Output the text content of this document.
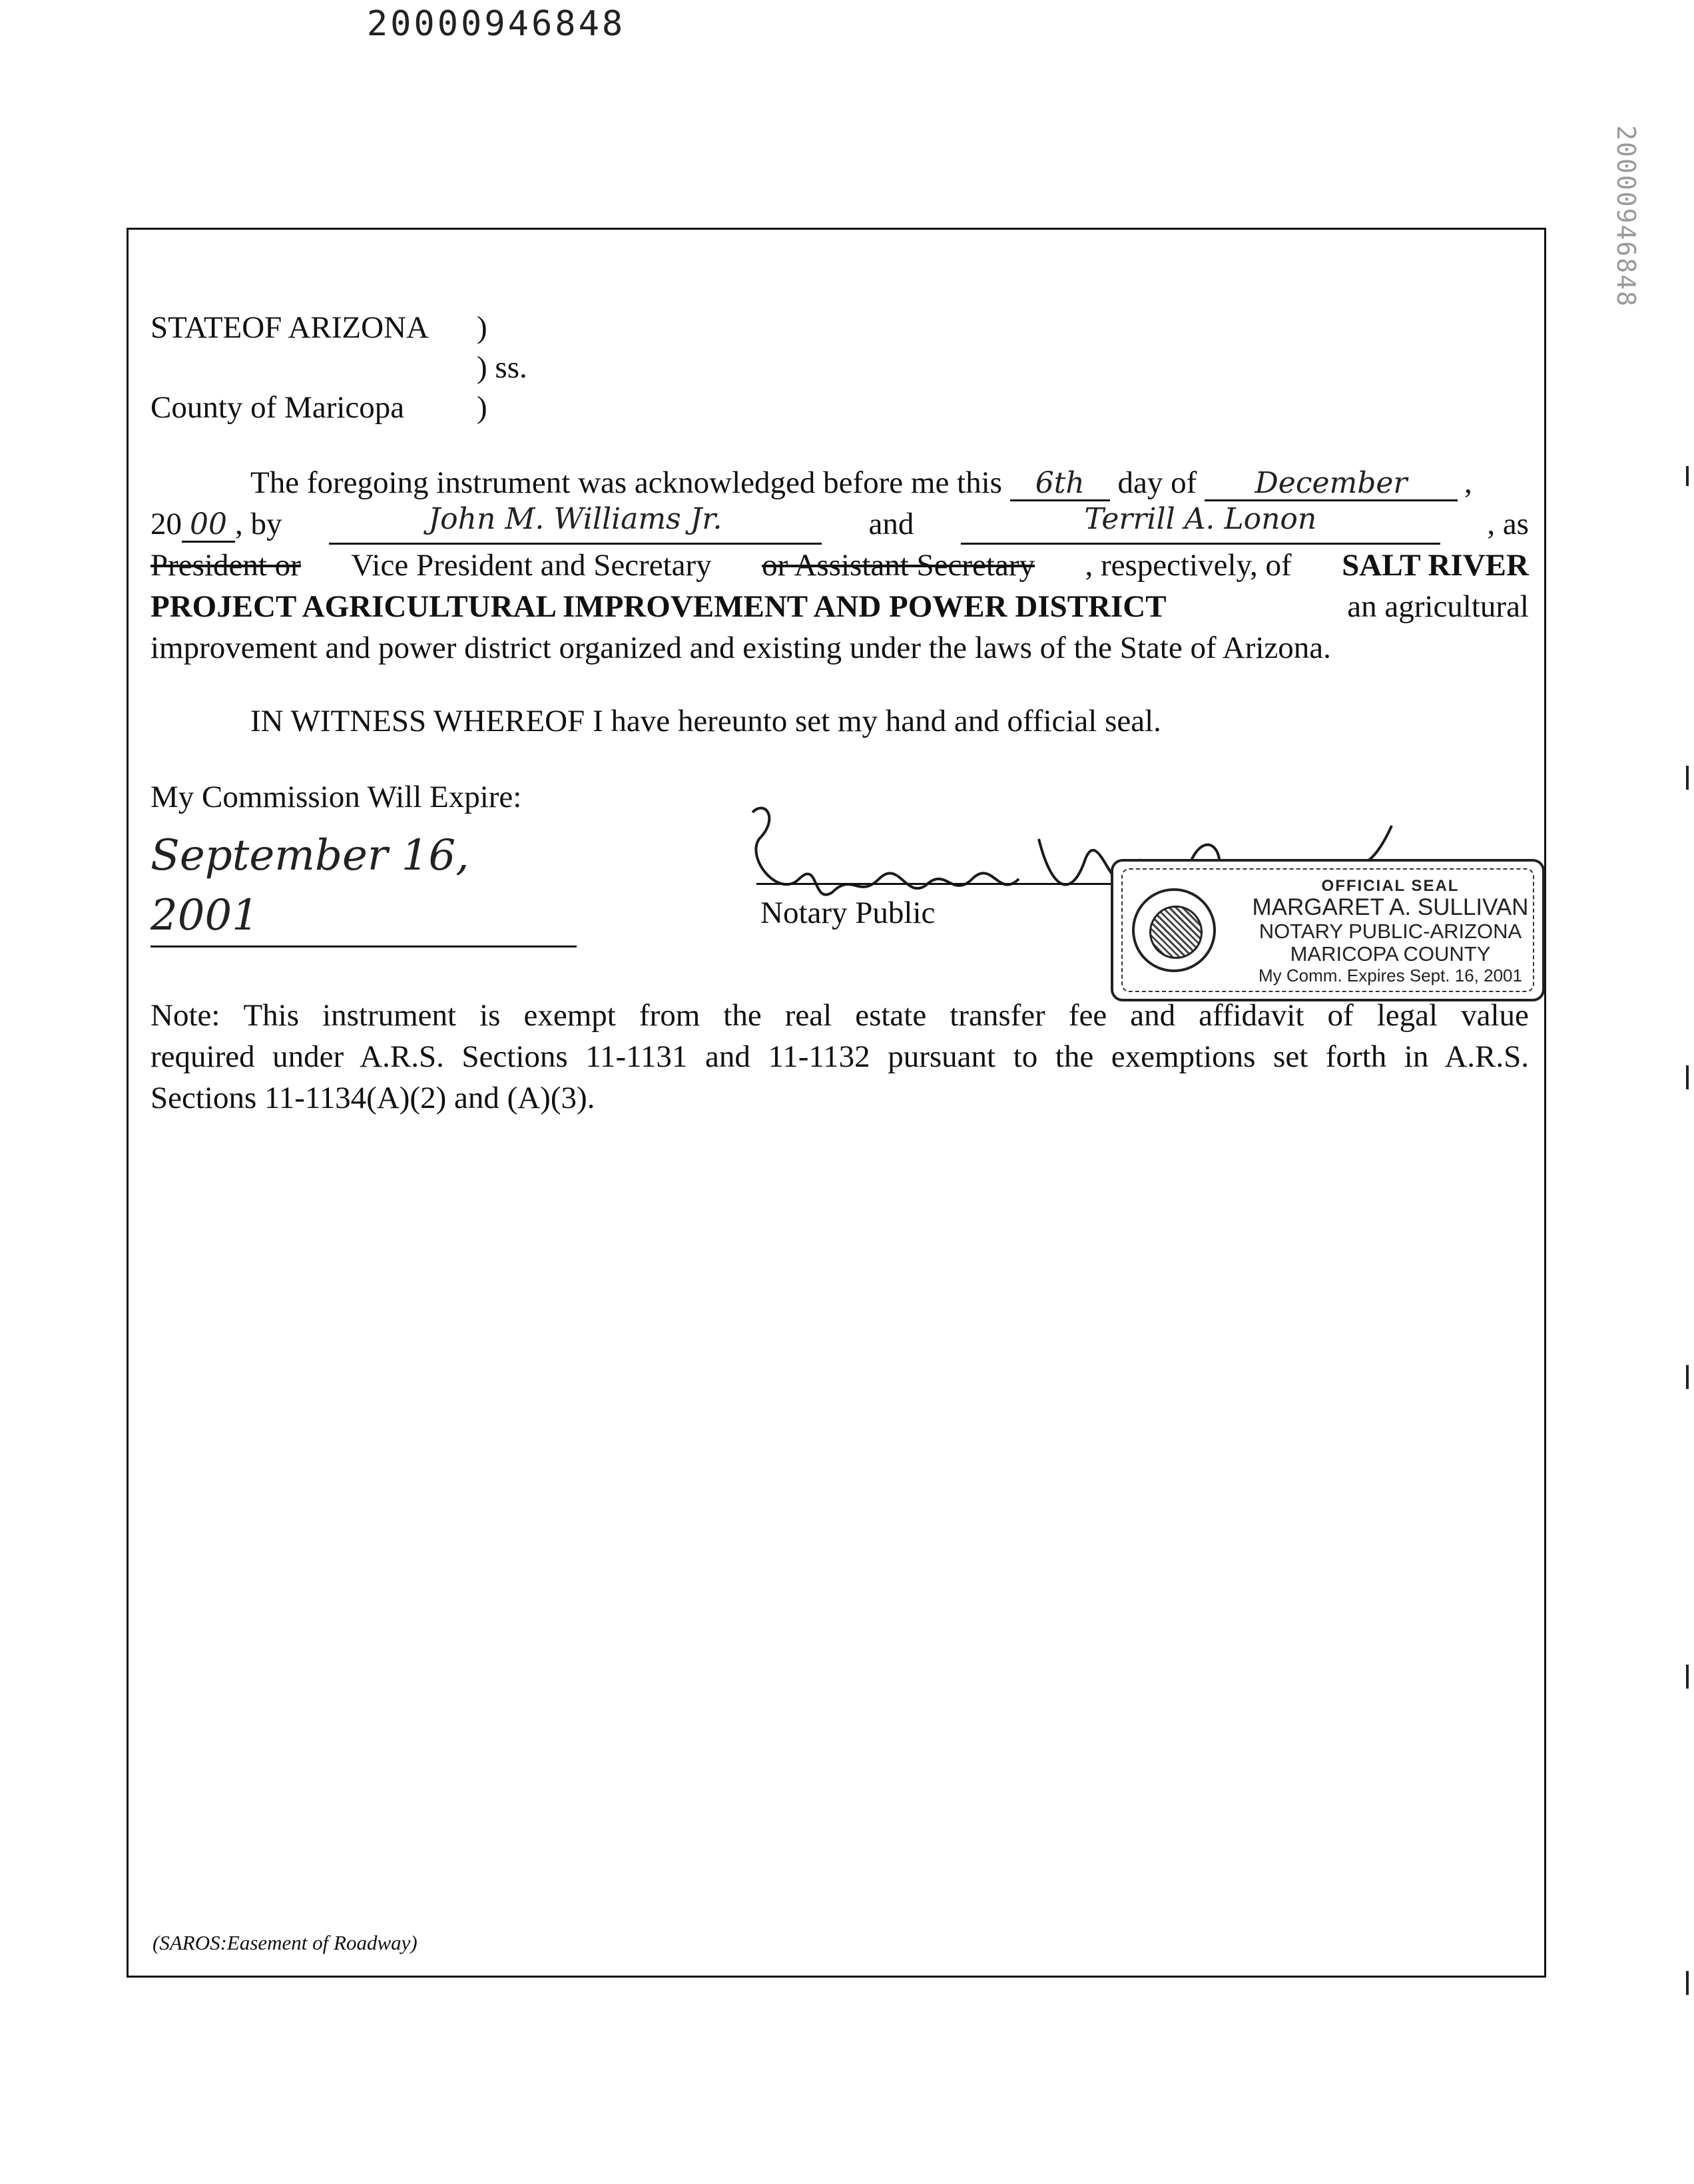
20000946848
20000946848
STATEOF ARIZONA )
) ss.
County of Maricopa )
The foregoing instrument was acknowledged before me this 6th day of December ,
20 00 , by	John M. Williams Jr.	and	Terrill A. Lonon	, as
President or Vice President and Secretary or Assistant Secretary , respectively, of SALT RIVER
PROJECT AGRICULTURAL IMPROVEMENT AND POWER DISTRICT	an agricultural
improvement and power district organized and existing under the laws of the State of Arizona.
IN WITNESS WHEREOF I have hereunto set my hand and official seal.
My Commission Will Expire:
September 16, 2001	Notary Public
OFFICIAL SEAL
MARGARET A. SULLIVAN
NOTARY PUBLIC-ARIZONA
MARICOPA COUNTY
My Comm. Expires Sept. 16, 2001
Note: This instrument is exempt from the real estate transfer fee and affidavit of legal value
required under A.R.S. Sections 11-1131 and 11-1132 pursuant to the exemptions set forth in A.R.S.
Sections 11-1134(A)(2) and (A)(3).
(SAROS:Easement of Roadway)
